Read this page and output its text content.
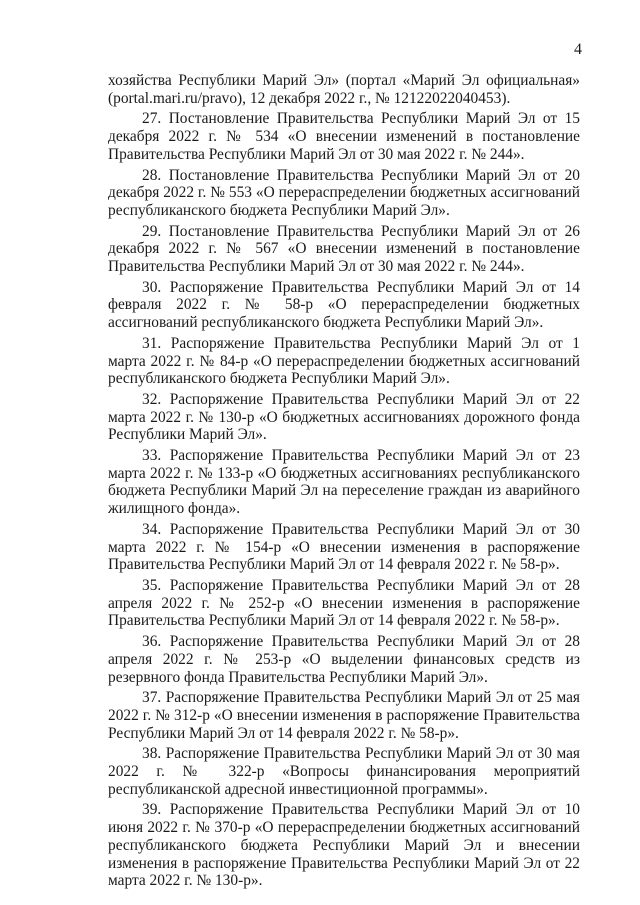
4

хозяйства Республики Марий Эл» (портал «Марий Эл официальная» (portal.mari.ru/pravo), 12 декабря 2022 г., № 12122022040453).

27. Постановление Правительства Республики Марий Эл от 15 декабря 2022 г. № 534 «О внесении изменений в постановление Правительства Республики Марий Эл от 30 мая 2022 г. № 244».

28. Постановление Правительства Республики Марий Эл от 20 декабря 2022 г. № 553 «О перераспределении бюджетных ассигнований республиканского бюджета Республики Марий Эл».

29. Постановление Правительства Республики Марий Эл от 26 декабря 2022 г. № 567 «О внесении изменений в постановление Правительства Республики Марий Эл от 30 мая 2022 г. № 244».

30. Распоряжение Правительства Республики Марий Эл от 14 февраля 2022 г. № 58-р «О перераспределении бюджетных ассигнований республиканского бюджета Республики Марий Эл».

31. Распоряжение Правительства Республики Марий Эл от 1 марта 2022 г. № 84-р «О перераспределении бюджетных ассигнований республиканского бюджета Республики Марий Эл».

32. Распоряжение Правительства Республики Марий Эл от 22 марта 2022 г. № 130-р «О бюджетных ассигнованиях дорожного фонда Республики Марий Эл».

33. Распоряжение Правительства Республики Марий Эл от 23 марта 2022 г. № 133-р «О бюджетных ассигнованиях республиканского бюджета Республики Марий Эл на переселение граждан из аварийного жилищного фонда».

34. Распоряжение Правительства Республики Марий Эл от 30 марта 2022 г. № 154-р «О внесении изменения в распоряжение Правительства Республики Марий Эл от 14 февраля 2022 г. № 58-р».

35. Распоряжение Правительства Республики Марий Эл от 28 апреля 2022 г. № 252-р «О внесении изменения в распоряжение Правительства Республики Марий Эл от 14 февраля 2022 г. № 58-р».

36. Распоряжение Правительства Республики Марий Эл от 28 апреля 2022 г. № 253-р «О выделении финансовых средств из резервного фонда Правительства Республики Марий Эл».

37. Распоряжение Правительства Республики Марий Эл от 25 мая 2022 г. № 312-р «О внесении изменения в распоряжение Правительства Республики Марий Эл от 14 февраля 2022 г. № 58-р».

38. Распоряжение Правительства Республики Марий Эл от 30 мая 2022 г. № 322-р «Вопросы финансирования мероприятий республиканской адресной инвестиционной программы».

39. Распоряжение Правительства Республики Марий Эл от 10 июня 2022 г. № 370-р «О перераспределении бюджетных ассигнований республиканского бюджета Республики Марий Эл и внесении изменения в распоряжение Правительства Республики Марий Эл от 22 марта 2022 г. № 130-р».
